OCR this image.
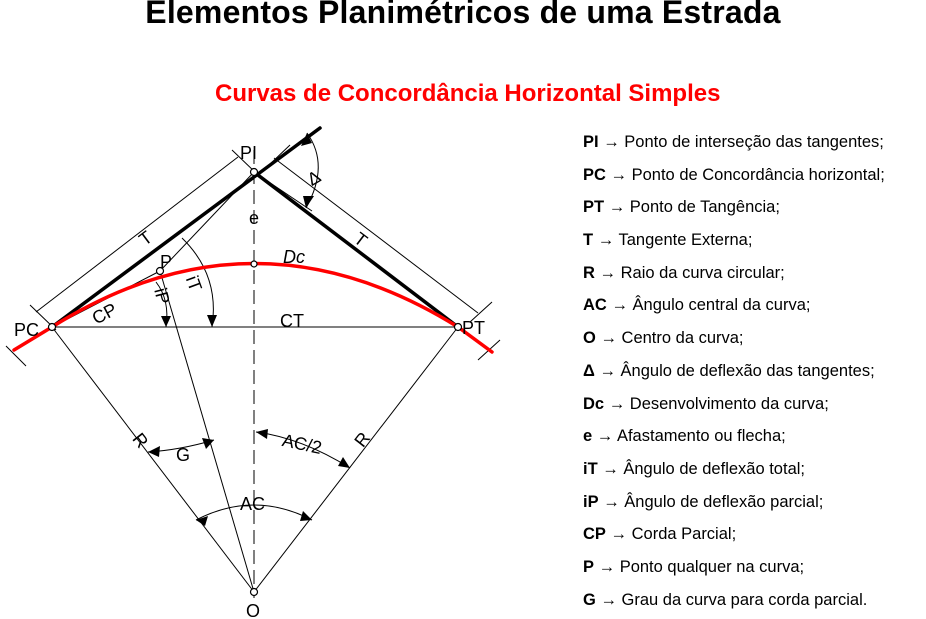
Elementos Planimétricos de uma Estrada
Curvas de Concordância Horizontal Simples
PI
PC	PT
P
O
e
CT
Dc
T	T
Δ
iT
iP
CP
R	R
G	AC/2
AC
PI → Ponto de interseção das tangentes;
PC → Ponto de Concordância horizontal;
PT → Ponto de Tangência;
T → Tangente Externa;
R → Raio da curva circular;
AC → Ângulo central da curva;
O → Centro da curva;
Δ → Ângulo de deflexão das tangentes;
Dc → Desenvolvimento da curva;
e → Afastamento ou flecha;
iT → Ângulo de deflexão total;
iP → Ângulo de deflexão parcial;
CP → Corda Parcial;
P → Ponto qualquer na curva;
G → Grau da curva para corda parcial.
